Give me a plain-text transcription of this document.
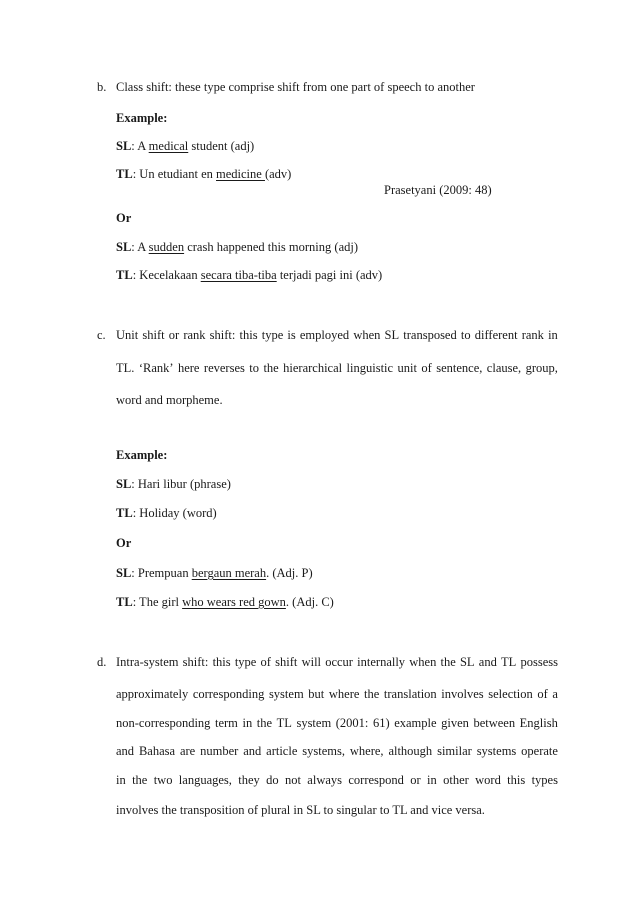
b. Class shift: these type comprise shift from one part of speech to another
Example:
SL: A medical student (adj)
TL: Un etudiant en medicine (adv)
Prasetyani (2009: 48)
Or
SL: A sudden crash happened this morning (adj)
TL: Kecelakaan secara tiba-tiba terjadi pagi ini (adv)
c. Unit shift or rank shift: this type is employed when SL transposed to different rank in
TL. ‘Rank’ here reverses to the hierarchical linguistic unit of sentence, clause, group,
word and morpheme.
Example:
SL: Hari libur (phrase)
TL: Holiday (word)
Or
SL: Prempuan bergaun merah. (Adj. P)
TL: The girl who wears red gown. (Adj. C)
d. Intra-system shift: this type of shift will occur internally when the SL and TL possess
approximately corresponding system but where the translation involves selection of a
non-corresponding term in the TL system (2001: 61) example given between English
and Bahasa are number and article systems, where, although similar systems operate
in the two languages, they do not always correspond or in other word this types
involves the transposition of plural in SL to singular to TL and vice versa.
